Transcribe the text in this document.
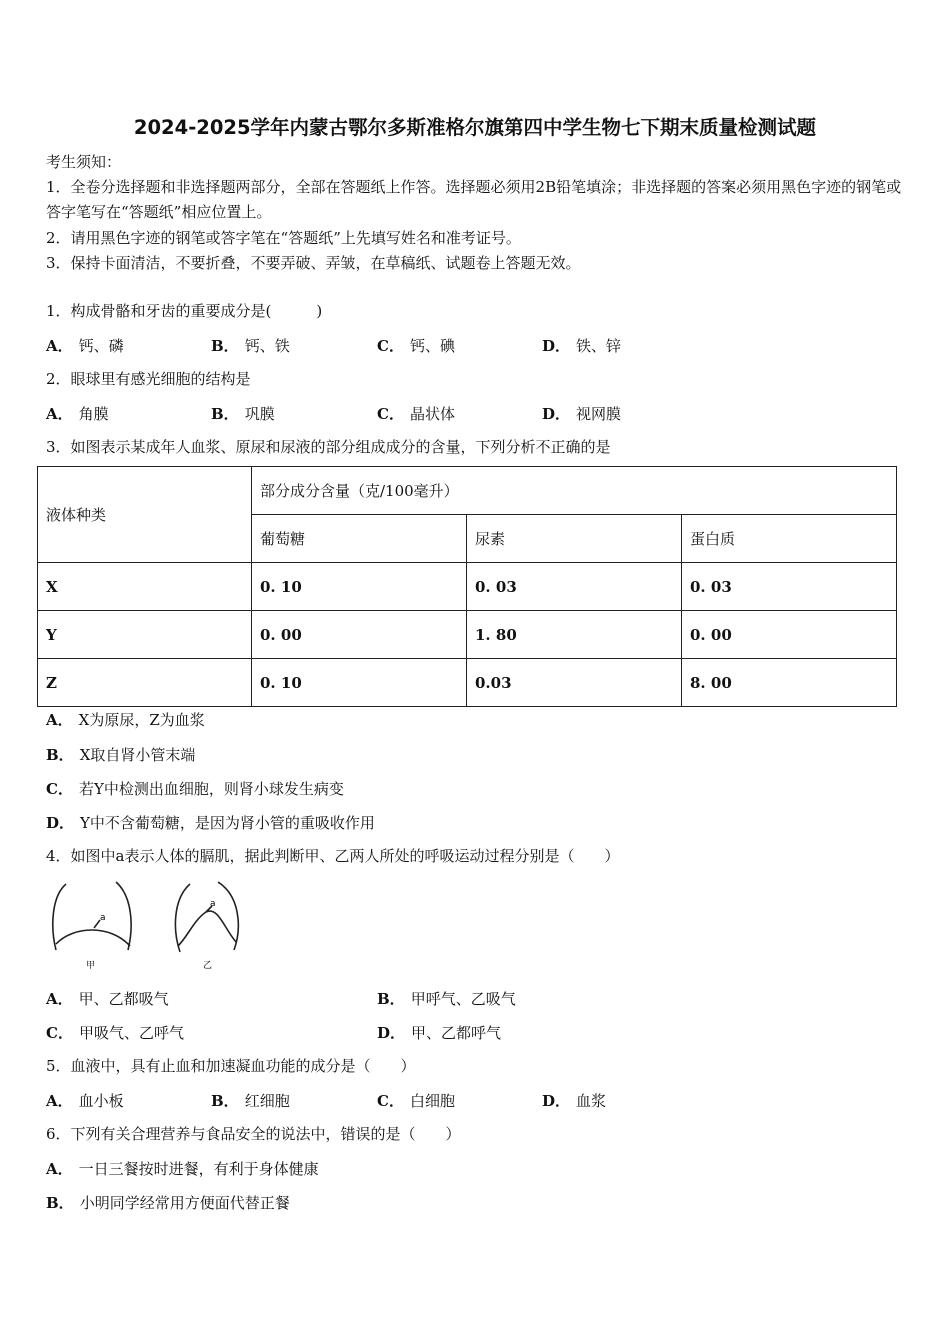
2024-2025学年内蒙古鄂尔多斯准格尔旗第四中学生物七下期末质量检测试题
考生须知：
1．全卷分选择题和非选择题两部分，全部在答题纸上作答。选择题必须用2B铅笔填涂；非选择题的答案必须用黑色字迹的钢笔或答字笔写在“答题纸”相应位置上。
2．请用黑色字迹的钢笔或答字笔在“答题纸”上先填写姓名和准考证号。
3．保持卡面清洁，不要折叠，不要弄破、弄皱，在草稿纸、试题卷上答题无效。
1．构成骨骼和牙齿的重要成分是(　　　)
A． 钙、磷	B． 钙、铁	C． 钙、碘	D． 铁、锌
2．眼球里有感光细胞的结构是
A． 角膜	B． 巩膜	C． 晶状体	D． 视网膜
3．如图表示某成年人血浆、原尿和尿液的部分组成成分的含量，下列分析不正确的是
液体种类	部分成分含量（克/100毫升）		
	葡萄糖	尿素	蛋白质
X	0. 10	0. 03	0. 03
Y	0. 00	1. 80	0. 00
Z	0. 10	0.03	8. 00
A． X为原尿，Z为血浆
B． X取自肾小管末端
C． 若Y中检测出血细胞，则肾小球发生病变
D． Y中不含葡萄糖，是因为肾小管的重吸收作用
4．如图中a表示人体的膈肌，据此判断甲、乙两人所处的呼吸运动过程分别是（　　）
a
甲
a
乙
A． 甲、乙都吸气	B． 甲呼气、乙吸气
C． 甲吸气、乙呼气	D． 甲、乙都呼气
5．血液中，具有止血和加速凝血功能的成分是（　　）
A． 血小板	B． 红细胞	C． 白细胞	D． 血浆
6．下列有关合理营养与食品安全的说法中，错误的是（　　）
A． 一日三餐按时进餐，有利于身体健康
B． 小明同学经常用方便面代替正餐
